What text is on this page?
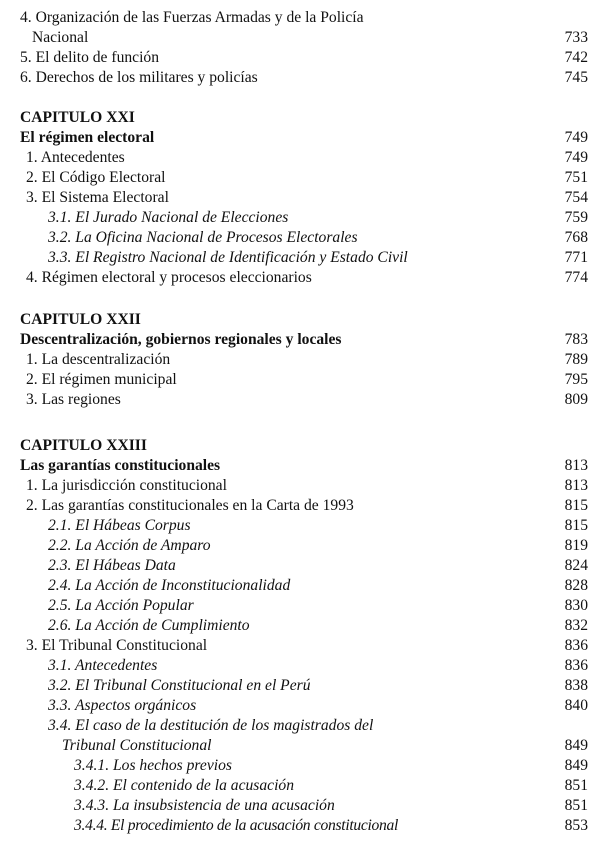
4. Organización de las Fuerzas Armadas y de la Policía
Nacional	733
5. El delito de función	742
6. Derechos de los militares y policías	745
CAPITULO XXI
El régimen electoral	749
1. Antecedentes	749
2. El Código Electoral	751
3. El Sistema Electoral	754
3.1. El Jurado Nacional de Elecciones	759
3.2. La Oficina Nacional de Procesos Electorales	768
3.3. El Registro Nacional de Identificación y Estado Civil	771
4. Régimen electoral y procesos eleccionarios	774
CAPITULO XXII
Descentralización, gobiernos regionales y locales	783
1. La descentralización	789
2. El régimen municipal	795
3. Las regiones	809
CAPITULO XXIII
Las garantías constitucionales	813
1. La jurisdicción constitucional	813
2. Las garantías constitucionales en la Carta de 1993	815
2.1. El Hábeas Corpus	815
2.2. La Acción de Amparo	819
2.3. El Hábeas Data	824
2.4. La Acción de Inconstitucionalidad	828
2.5. La Acción Popular	830
2.6. La Acción de Cumplimiento	832
3. El Tribunal Constitucional	836
3.1. Antecedentes	836
3.2. El Tribunal Constitucional en el Perú	838
3.3. Aspectos orgánicos	840
3.4. El caso de la destitución de los magistrados del
Tribunal Constitucional	849
3.4.1. Los hechos previos	849
3.4.2. El contenido de la acusación	851
3.4.3. La insubsistencia de una acusación	851
3.4.4. El procedimiento de la acusación constitucional	853
